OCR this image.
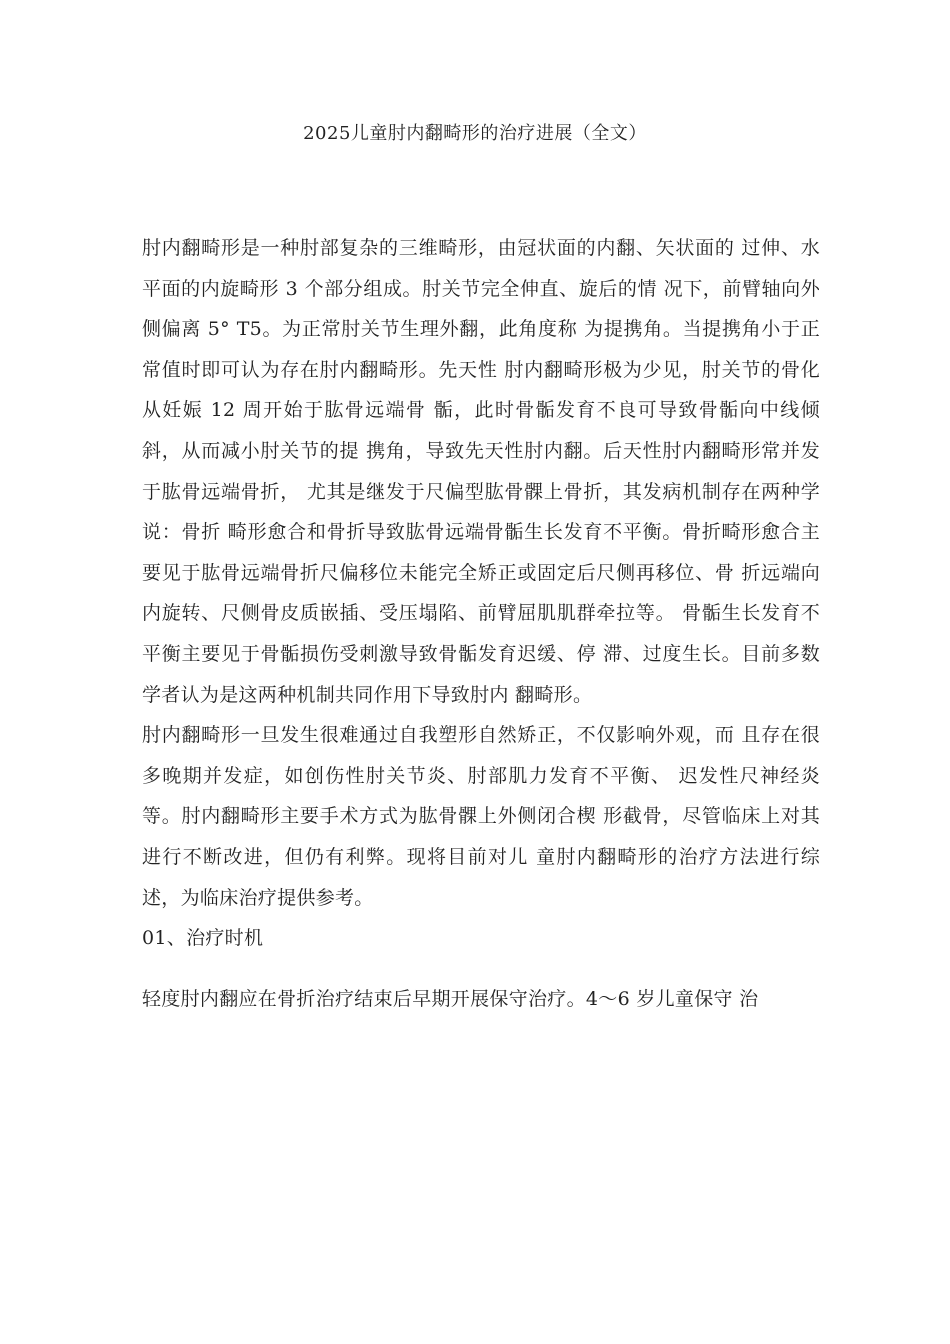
2025儿童肘内翻畸形的治疗进展（全文）

肘内翻畸形是一种肘部复杂的三维畸形，由冠状面的内翻、矢状面的 过伸、水平面的内旋畸形 3 个部分组成。肘关节完全伸直、旋后的情 况下，前臂轴向外侧偏离 5° T5。为正常肘关节生理外翻，此角度称 为提携角。当提携角小于正常值时即可认为存在肘内翻畸形。先天性 肘内翻畸形极为少见，肘关节的骨化从妊娠 12 周开始于肱骨远端骨 骺，此时骨骺发育不良可导致骨骺向中线倾斜，从而减小肘关节的提 携角，导致先天性肘内翻。后天性肘内翻畸形常并发于肱骨远端骨折， 尤其是继发于尺偏型肱骨髁上骨折，其发病机制存在两种学说：骨折 畸形愈合和骨折导致肱骨远端骨骺生长发育不平衡。骨折畸形愈合主 要见于肱骨远端骨折尺偏移位未能完全矫正或固定后尺侧再移位、骨 折远端向内旋转、尺侧骨皮质嵌插、受压塌陷、前臂屈肌肌群牵拉等。 骨骺生长发育不平衡主要见于骨骺损伤受刺激导致骨骺发育迟缓、停 滞、过度生长。目前多数学者认为是这两种机制共同作用下导致肘内 翻畸形。

肘内翻畸形一旦发生很难通过自我塑形自然矫正，不仅影响外观，而 且存在很多晚期并发症，如创伤性肘关节炎、肘部肌力发育不平衡、 迟发性尺神经炎等。肘内翻畸形主要手术方式为肱骨髁上外侧闭合楔 形截骨，尽管临床上对其进行不断改进，但仍有利弊。现将目前对儿 童肘内翻畸形的治疗方法进行综述，为临床治疗提供参考。

01、治疗时机

轻度肘内翻应在骨折治疗结束后早期开展保守治疗。4〜6 岁儿童保守 治
